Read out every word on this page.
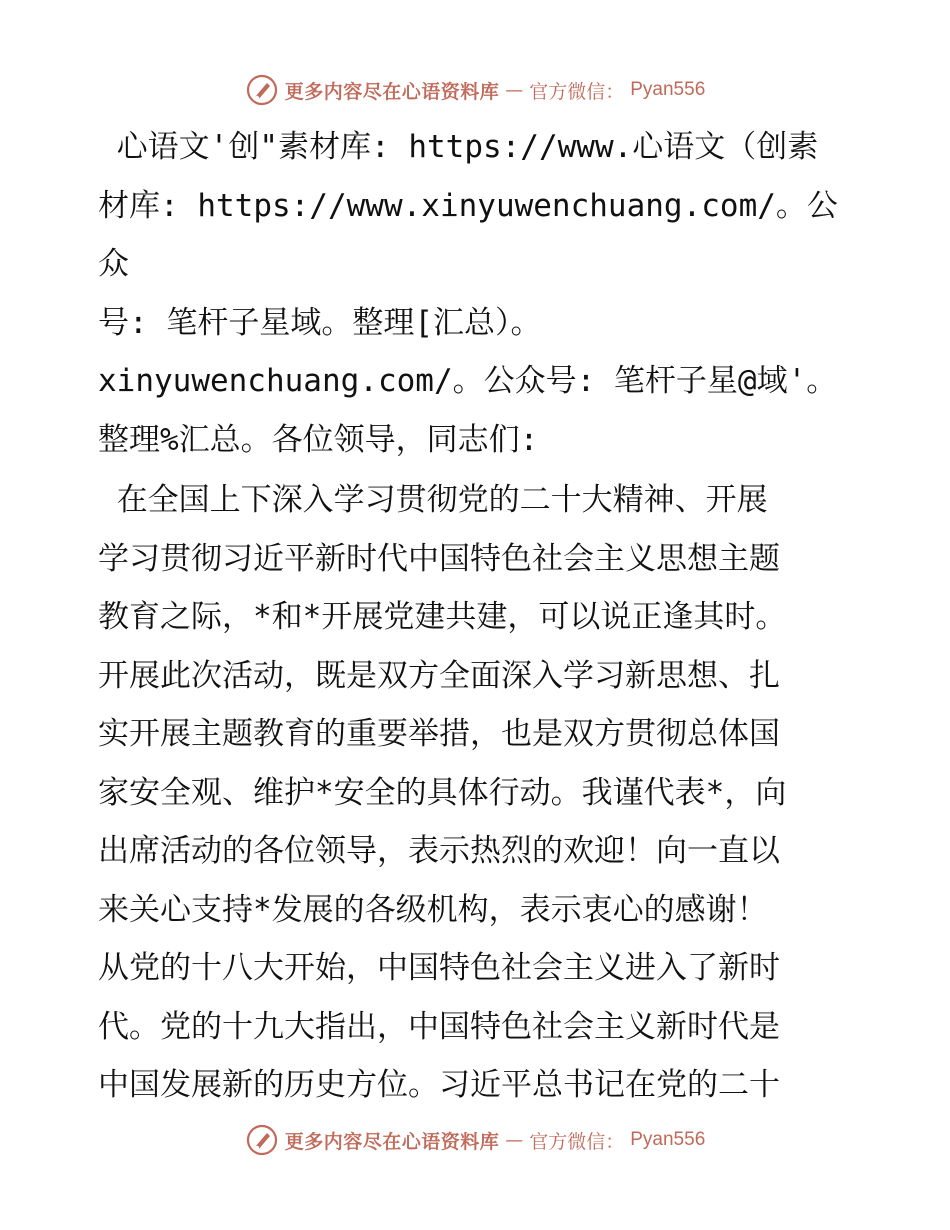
更多内容尽在心语资料库 — 官方微信： Pyan556

心语文'创"素材库: https://www.心语文（创素

材库: https://www.xinyuwenchuang.com/。公众

号: 笔杆子星域。整理[汇总）。

xinyuwenchuang.com/。公众号: 笔杆子星@域'。

整理%汇总。各位领导，同志们:

在全国上下深入学习贯彻党的二十大精神、开展

学习贯彻习近平新时代中国特色社会主义思想主题

教育之际，*和*开展党建共建，可以说正逢其时。

开展此次活动，既是双方全面深入学习新思想、扎

实开展主题教育的重要举措，也是双方贯彻总体国

家安全观、维护*安全的具体行动。我谨代表*，向

出席活动的各位领导，表示热烈的欢迎！向一直以

来关心支持*发展的各级机构，表示衷心的感谢！

从党的十八大开始，中国特色社会主义进入了新时

代。党的十九大指出，中国特色社会主义新时代是

中国发展新的历史方位。习近平总书记在党的二十

更多内容尽在心语资料库 — 官方微信： Pyan556
